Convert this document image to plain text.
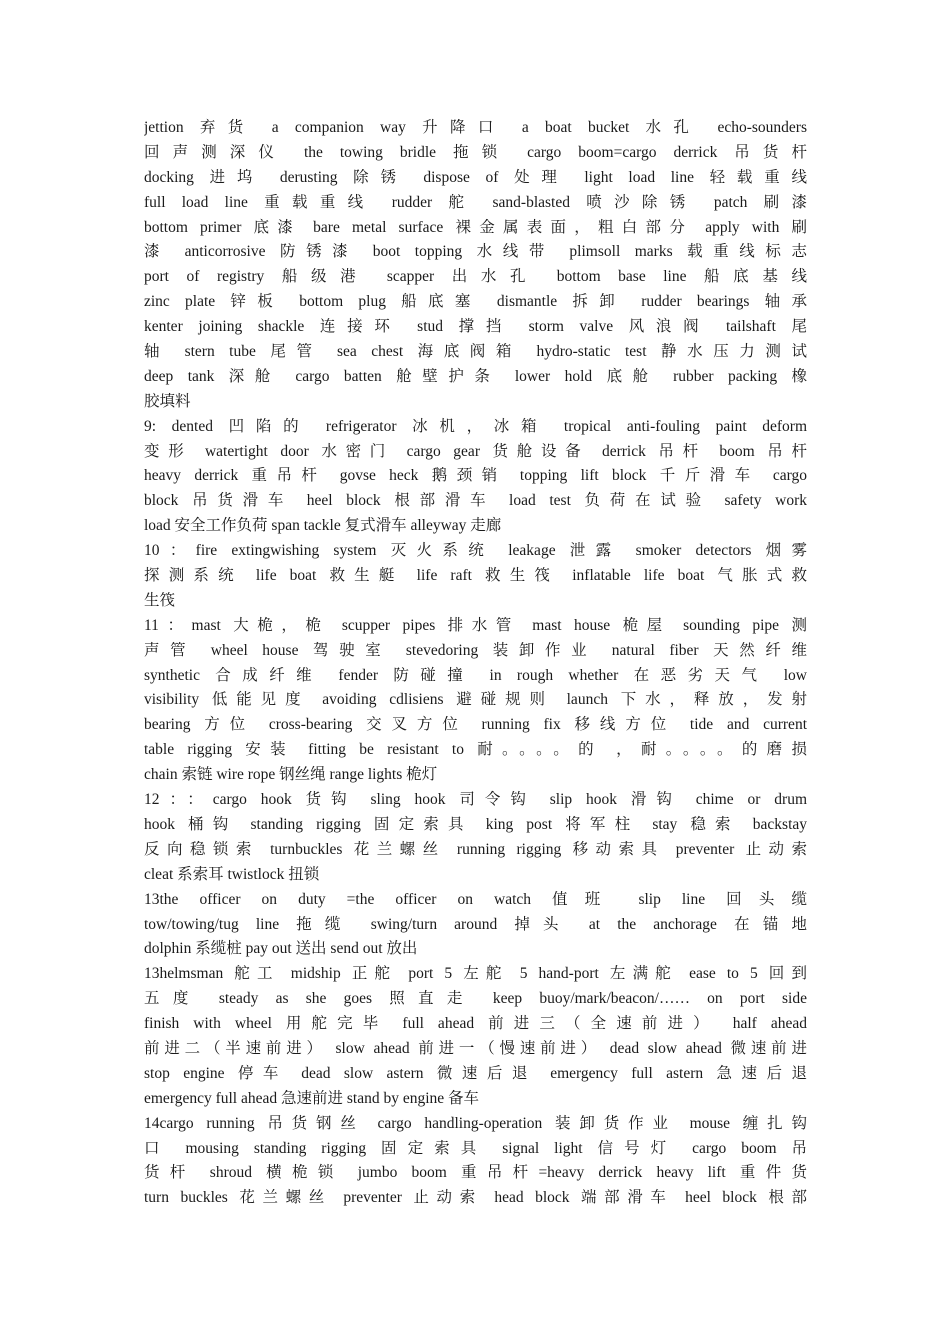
jettion 弃货 a companion way 升降口 a boat bucket 水孔 echo-sounders
回声测深仪 the towing bridle 拖锁 cargo boom=cargo derrick 吊货杆
docking 进坞 derusting 除锈 dispose of 处理 light load line 轻载重线
full load line 重载重线 rudder 舵 sand-blasted 喷沙除锈 patch 刷漆
bottom primer 底漆 bare metal surface 裸金属表面，粗白部分 apply with 刷
漆 anticorrosive 防锈漆 boot topping 水线带 plimsoll marks 载重线标志
port of registry 船级港 scapper 出水孔 bottom base line 船底基线
zinc plate 锌板 bottom plug 船底塞 dismantle 拆卸 rudder bearings 轴承
kenter joining shackle 连接环 stud 撑挡 storm valve 风浪阀 tailshaft 尾
轴 stern tube 尾管 sea chest 海底阀箱 hydro-static test 静水压力测试
deep tank 深舱 cargo batten 舱壁护条 lower hold 底舱 rubber packing 橡
胶填料
9: dented 凹陷的 refrigerator 冰机，冰箱 tropical anti-fouling paint deform
变形 watertight door 水密门 cargo gear 货舱设备 derrick 吊杆 boom 吊杆
heavy derrick 重吊杆 govse heck 鹅颈销 topping lift block 千斤滑车 cargo
block 吊货滑车 heel block 根部滑车 load test 负荷在试验 safety work
load 安全工作负荷 span tackle 复式滑车 alleyway 走廊
10：fire extingwishing system 灭火系统 leakage 泄露 smoker detectors 烟雾
探测系统 life boat 救生艇 life raft 救生筏 inflatable life boat 气胀式救
生筏
11：mast 大桅，桅 scupper pipes 排水管 mast house 桅屋 sounding pipe 测
声管 wheel house 驾驶室 stevedoring 装卸作业 natural fiber 天然纤维
synthetic 合成纤维 fender 防碰撞 in rough whether 在恶劣天气 low
visibility 低能见度 avoiding cdlisiens 避碰规则 launch 下水，释放，发射
bearing 方位 cross-bearing 交叉方位 running fix 移线方位 tide and current
table rigging 安装 fitting be resistant to 耐。。。。的 ，耐。。。。的磨损
chain 索链 wire rope 钢丝绳 range lights 桅灯
12：：cargo hook 货钩 sling hook 司令钩 slip hook 滑钩 chime or drum
hook 桶钩 standing rigging 固定索具 king post 将军柱 stay 稳索 backstay
反向稳锁索 turnbuckles 花兰螺丝 running rigging 移动索具 preventer 止动索
cleat 系索耳 twistlock 扭锁
13the officer on duty =the officer on watch 值班 slip line 回头缆
tow/towing/tug line 拖缆 swing/turn around 掉头 at the anchorage 在锚地
dolphin 系缆桩 pay out 送出 send out 放出
13helmsman 舵工 midship 正舵 port 5 左舵 5 hand-port 左满舵 ease to 5 回到
五度 steady as she goes 照直走 keep buoy/mark/beacon/…… on port side
finish with wheel 用舵完毕 full ahead 前进三（全速前进） half ahead
前进二（半速前进） slow ahead 前进一（慢速前进） dead slow ahead 微速前进
stop engine 停车 dead slow astern 微速后退 emergency full astern 急速后退
emergency full ahead 急速前进 stand by engine 备车
14cargo running 吊货钢丝 cargo handling-operation 装卸货作业 mouse 缠扎钩
口 mousing standing rigging 固定索具 signal light 信号灯 cargo boom 吊
货杆 shroud 横桅锁 jumbo boom 重吊杆=heavy derrick heavy lift 重件货
turn buckles 花兰螺丝 preventer 止动索 head block 端部滑车 heel block 根部
